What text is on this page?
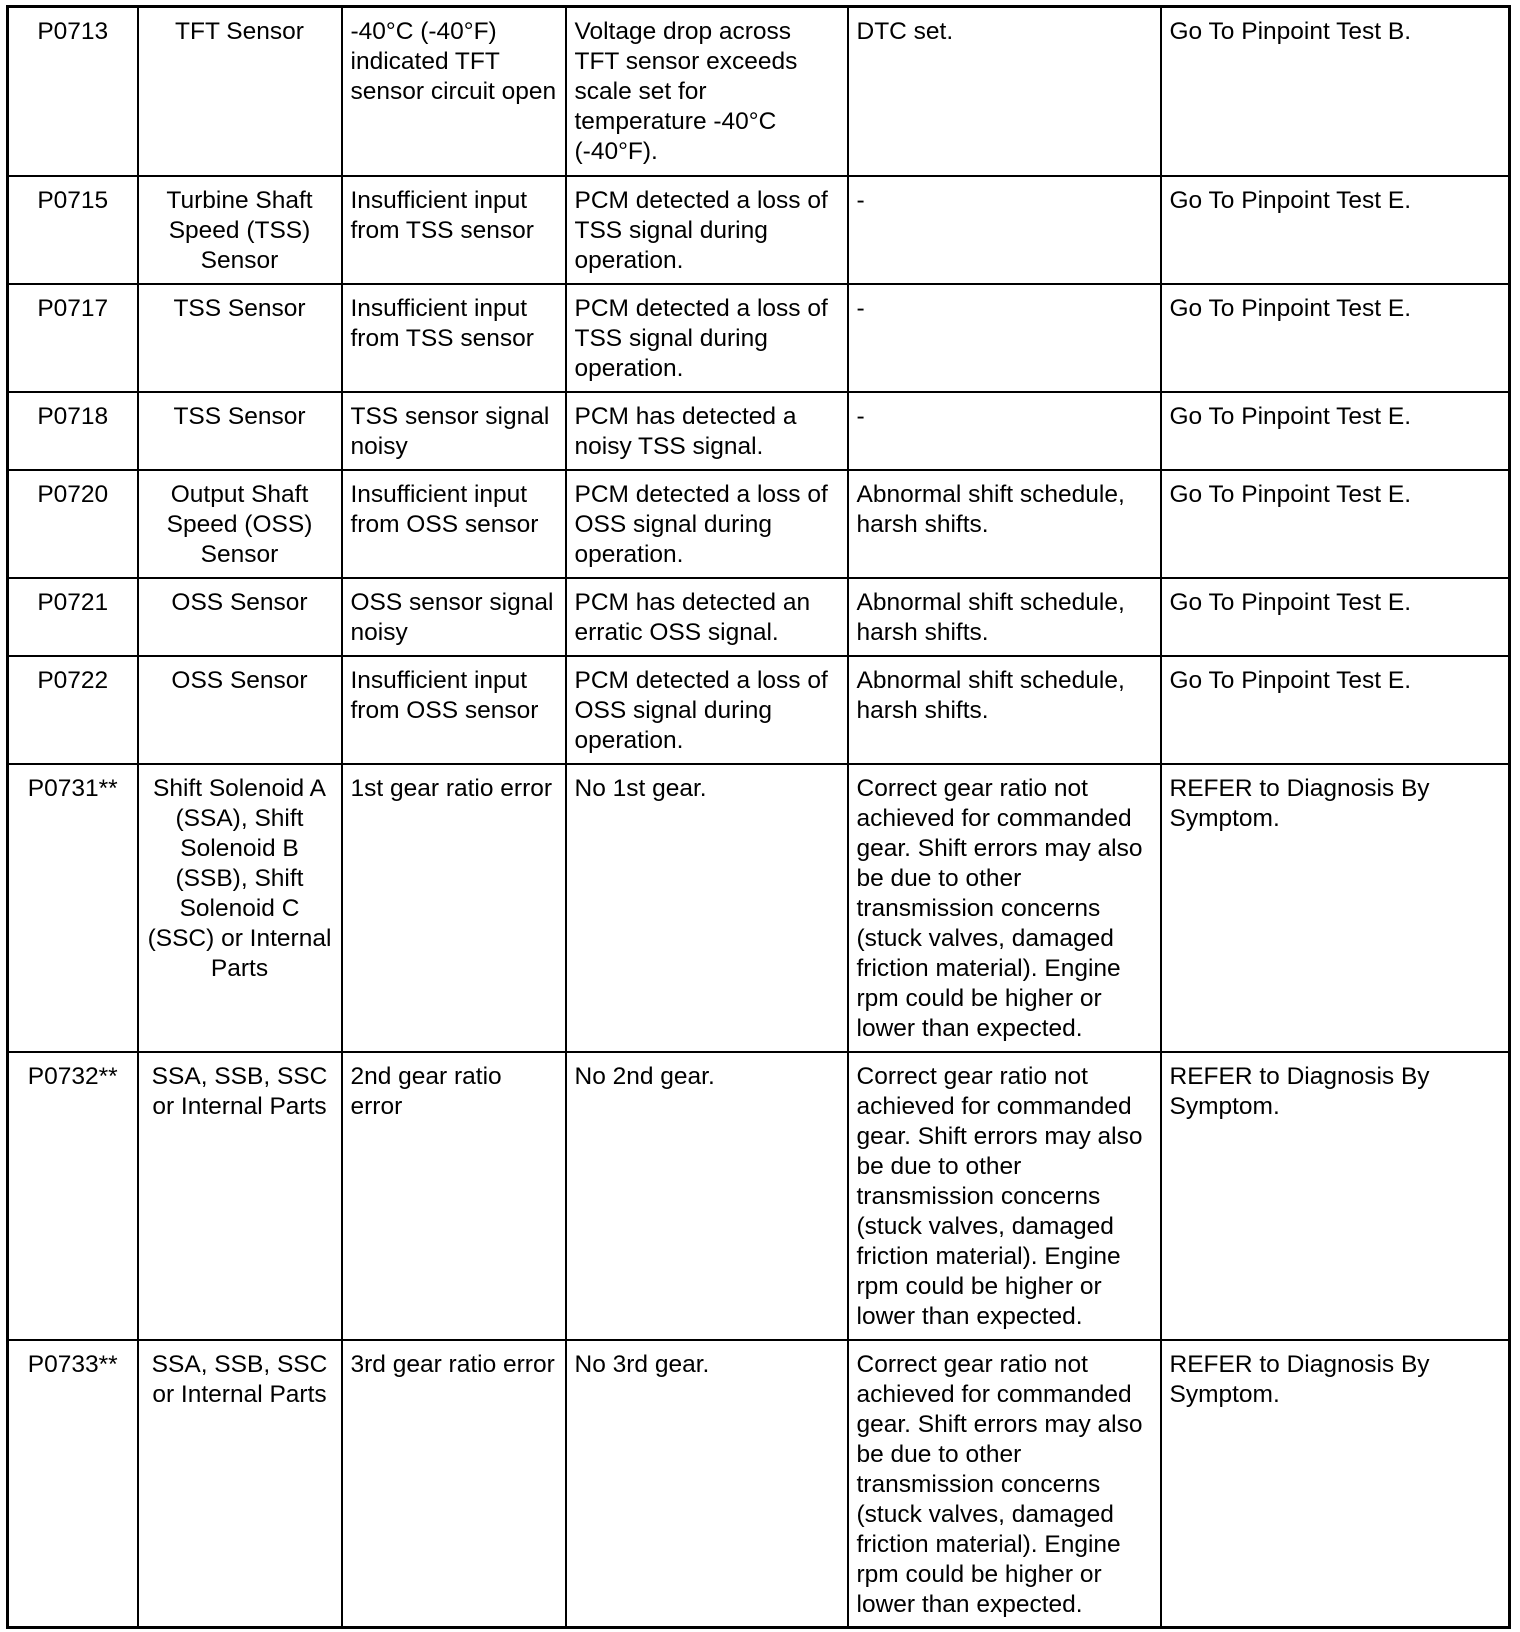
P0713	TFT Sensor	-40°C (-40°F) indicated TFT sensor circuit open	Voltage drop across TFT sensor exceeds scale set for temperature -40°C (-40°F).	DTC set.	Go To Pinpoint Test B.
P0715	Turbine Shaft Speed (TSS) Sensor	Insufficient input from TSS sensor	PCM detected a loss of TSS signal during operation.	-	Go To Pinpoint Test E.
P0717	TSS Sensor	Insufficient input from TSS sensor	PCM detected a loss of TSS signal during operation.	-	Go To Pinpoint Test E.
P0718	TSS Sensor	TSS sensor signal noisy	PCM has detected a noisy TSS signal.	-	Go To Pinpoint Test E.
P0720	Output Shaft Speed (OSS) Sensor	Insufficient input from OSS sensor	PCM detected a loss of OSS signal during operation.	Abnormal shift schedule, harsh shifts.	Go To Pinpoint Test E.
P0721	OSS Sensor	OSS sensor signal noisy	PCM has detected an erratic OSS signal.	Abnormal shift schedule, harsh shifts.	Go To Pinpoint Test E.
P0722	OSS Sensor	Insufficient input from OSS sensor	PCM detected a loss of OSS signal during operation.	Abnormal shift schedule, harsh shifts.	Go To Pinpoint Test E.
P0731**	Shift Solenoid A (SSA), Shift Solenoid B (SSB), Shift Solenoid C (SSC) or Internal Parts	1st gear ratio error	No 1st gear.	Correct gear ratio not achieved for commanded gear. Shift errors may also be due to other transmission concerns (stuck valves, damaged friction material). Engine rpm could be higher or lower than expected.	REFER to Diagnosis By Symptom.
P0732**	SSA, SSB, SSC or Internal Parts	2nd gear ratio error	No 2nd gear.	Correct gear ratio not achieved for commanded gear. Shift errors may also be due to other transmission concerns (stuck valves, damaged friction material). Engine rpm could be higher or lower than expected.	REFER to Diagnosis By Symptom.
P0733**	SSA, SSB, SSC or Internal Parts	3rd gear ratio error	No 3rd gear.	Correct gear ratio not achieved for commanded gear. Shift errors may also be due to other transmission concerns (stuck valves, damaged friction material). Engine rpm could be higher or lower than expected.	REFER to Diagnosis By Symptom.
